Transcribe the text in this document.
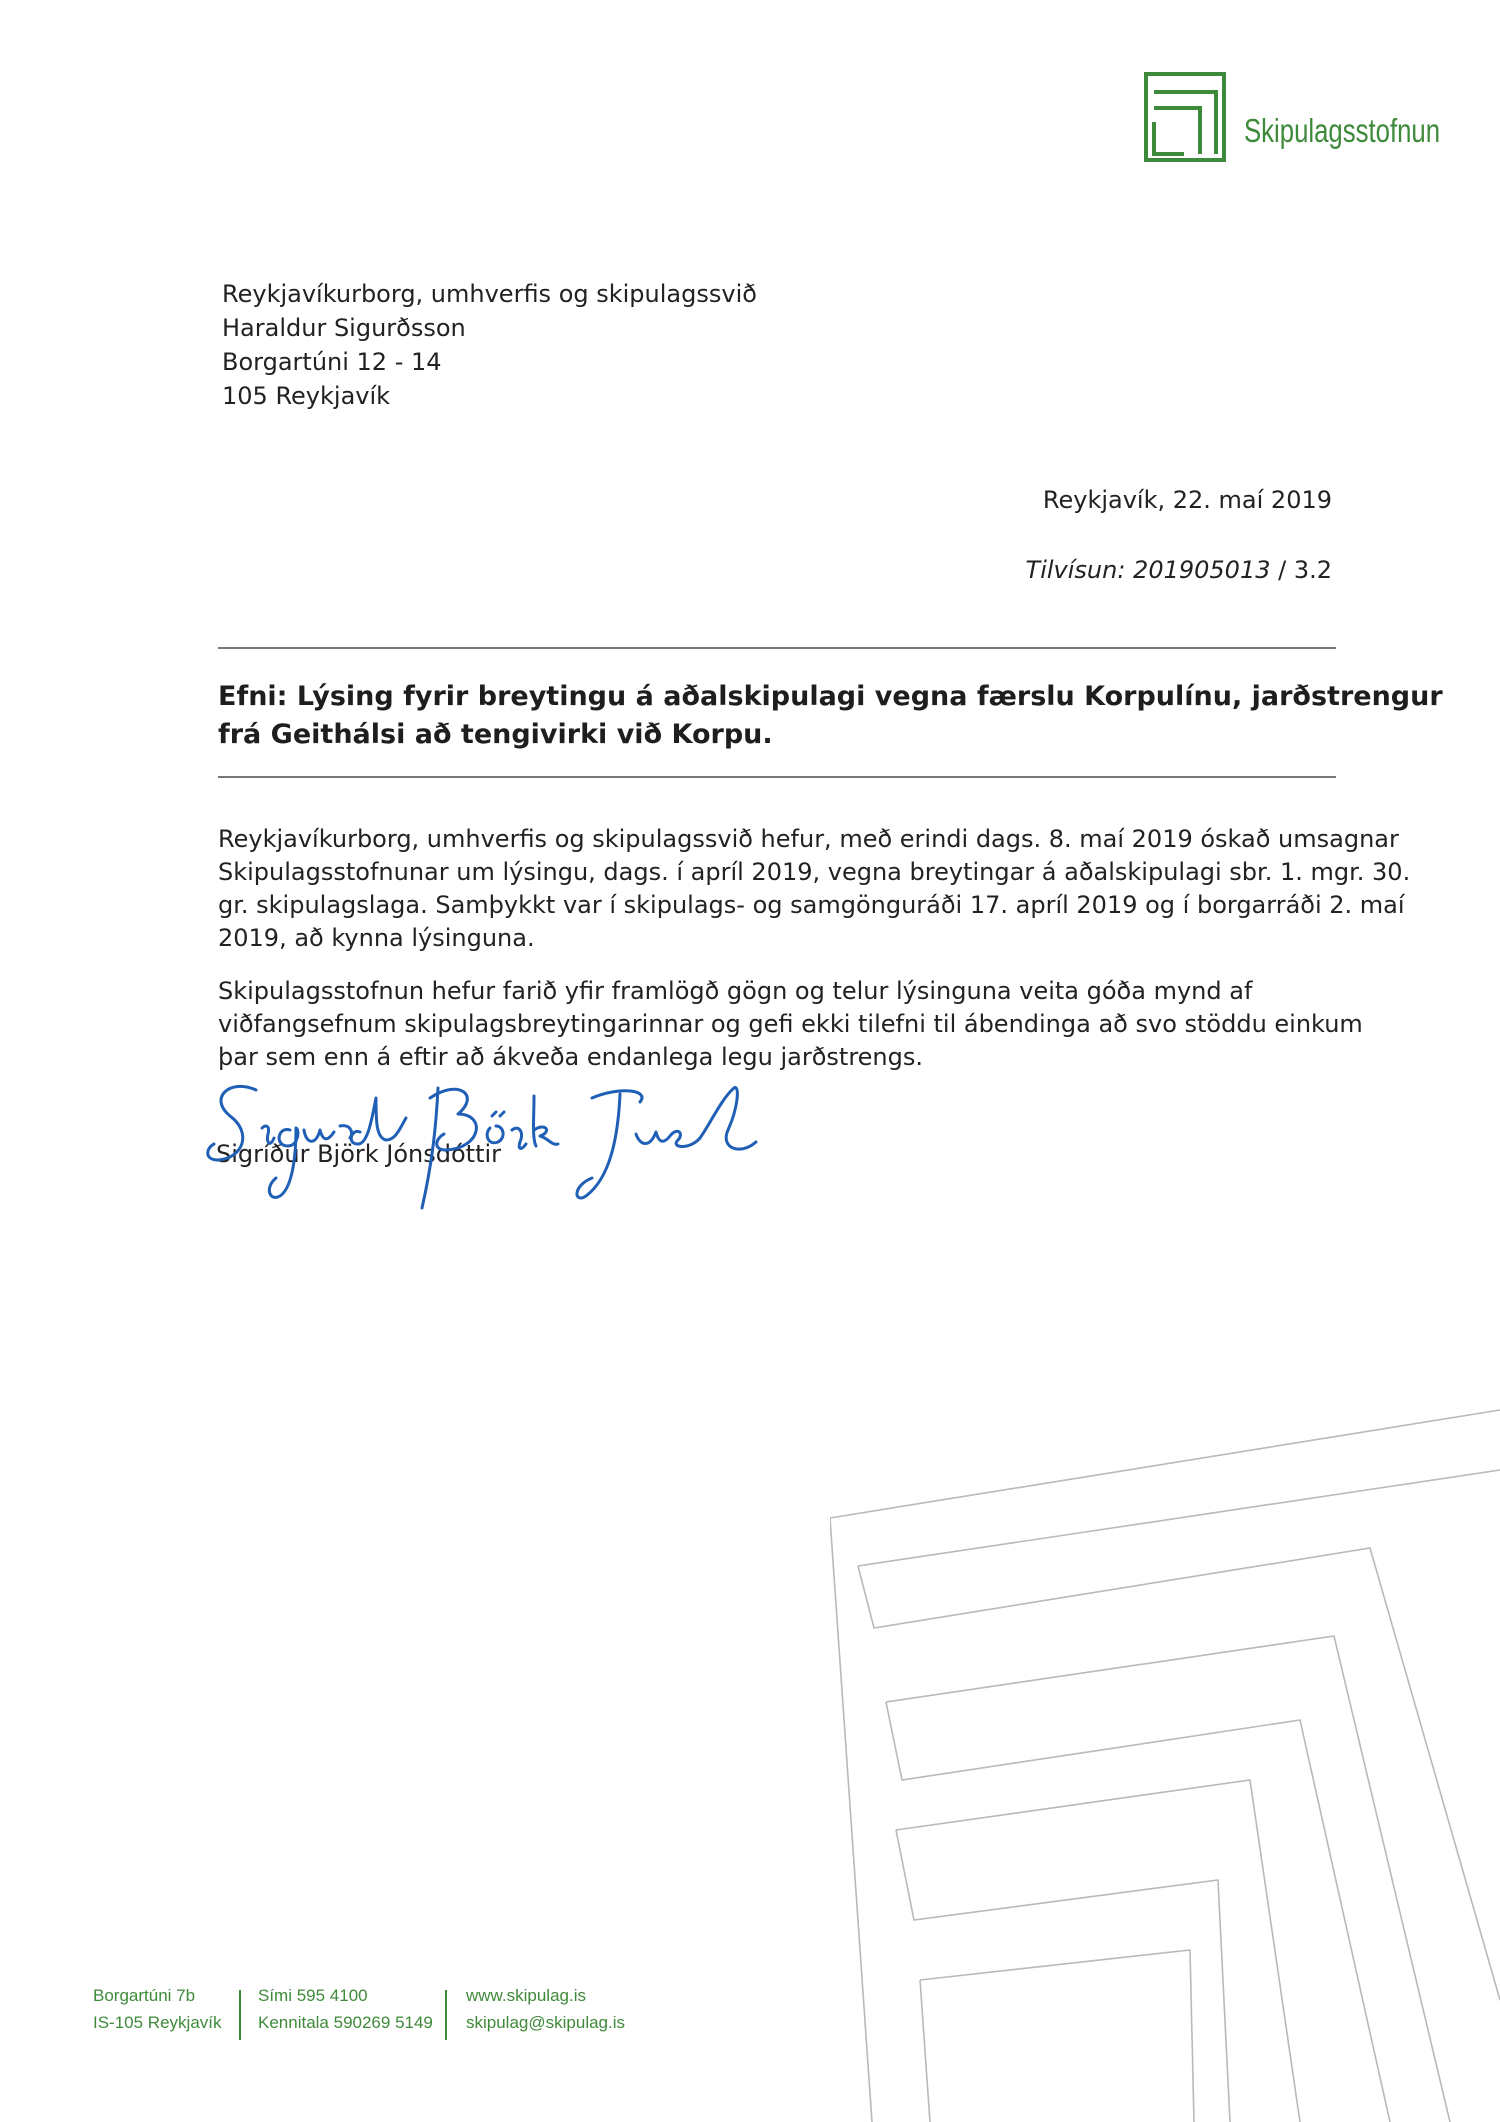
Skipulagsstofnun
Reykjavíkurborg, umhverfis og skipulagssvið
Haraldur Sigurðsson
Borgartúni 12 - 14
105 Reykjavík
Reykjavík, 22. maí 2019
Tilvísun: 201905013 / 3.2
Efni: Lýsing fyrir breytingu á aðalskipulagi vegna færslu Korpulínu, jarðstrengur
frá Geithálsi að tengivirki við Korpu.
Reykjavíkurborg, umhverfis og skipulagssvið hefur, með erindi dags. 8. maí 2019 óskað umsagnar
Skipulagsstofnunar um lýsingu, dags. í apríl 2019, vegna breytingar á aðalskipulagi sbr. 1. mgr. 30.
gr. skipulagslaga. Samþykkt var í skipulags- og samgönguráði 17. apríl 2019 og í borgarráði 2. maí
2019, að kynna lýsinguna.
Skipulagsstofnun hefur farið yfir framlögð gögn og telur lýsinguna veita góða mynd af
viðfangsefnum skipulagsbreytingarinnar og gefi ekki tilefni til ábendinga að svo stöddu einkum
þar sem enn á eftir að ákveða endanlega legu jarðstrengs.
Sigríður Björk Jónsdóttir
Borgartúni 7b
IS-105 Reykjavík
Sími 595 4100
Kennitala 590269 5149
www.skipulag.is
skipulag@skipulag.is
